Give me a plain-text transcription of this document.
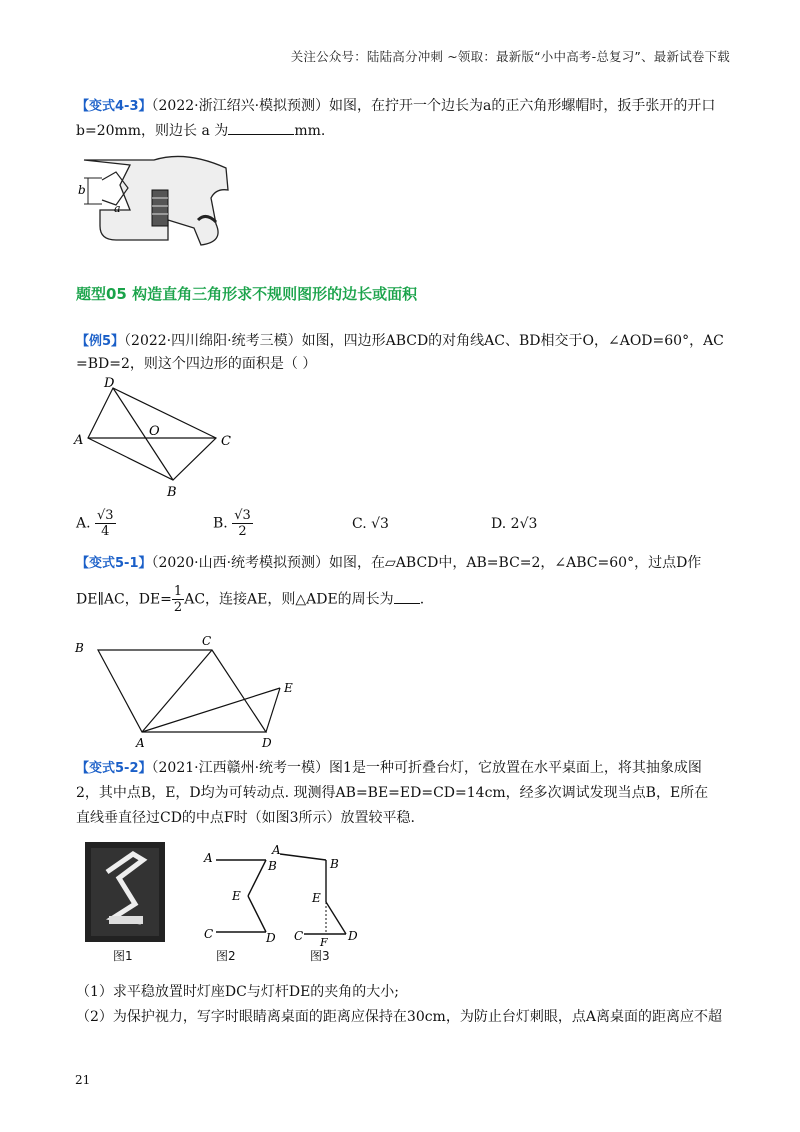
关注公众号：陆陆高分冲刺 ~领取：最新版“小中高考-总复习”、最新试卷下载
【变式4-3】（2022·浙江绍兴·模拟预测）如图，在拧开一个边长为a的正六角形螺帽时，扳手张开的开口
b=20mm，则边长 a 为	mm.
b
a
题型05 构造直角三角形求不规则图形的边长或面积
【例5】（2022·四川绵阳·统考三模）如图，四边形ABCD的对角线AC、BD相交于O，∠AOD=60°，AC
=BD=2，则这个四边形的面积是（ ）
D
A
O
C
B
A. $\frac{√3}{4}$	B. $\frac{√3}{2}$	C. √3	D. 2√3
【变式5-1】（2020·山西·统考模拟预测）如图，在▱ABCD中，AB=BC=2，∠ABC=60°，过点D作
DE∥AC，$DE= \frac{1}{2}$ AC，连接AE，则△ADE的周长为 .
B	C
E
A	D
【变式5-2】（2021·江西赣州·统考一模）图1是一种可折叠台灯，它放置在水平桌面上，将其抽象成图
2，其中点B，E，D均为可转动点. 现测得AB=BE=ED=CD=14cm，经多次调试发现当点B，E所在
直线垂直径过CD的中点F时（如图3所示）放置较平稳.
图1
A
B
E
C	D
A
B
E
C	D
F
图2	图3
（1）求平稳放置时灯座DC与灯杆DE的夹角的大小;
（2）为保护视力，写字时眼睛离桌面的距离应保持在30cm，为防止台灯刺眼，点A离桌面的距离应不超
21
